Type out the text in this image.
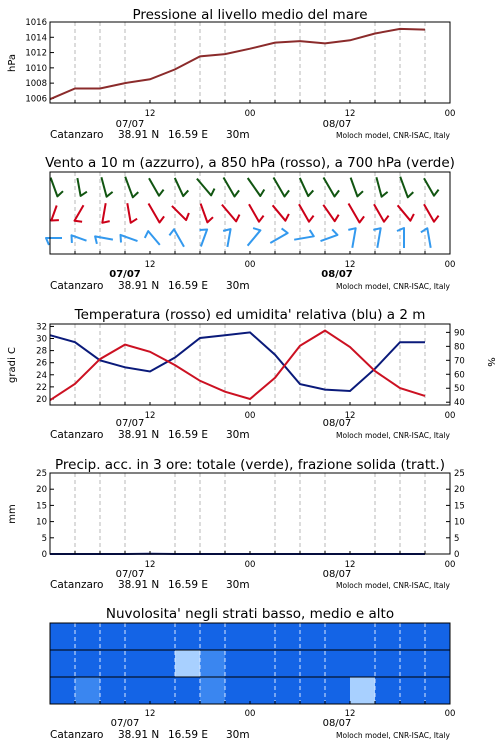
Pressione al livello medio del mare
hPa
1006
1008
1010
1012
1014
1016
12	00	12	00
07/07	08/07
Catanzaro 38.91 N 16.59 E 30m	Moloch model, CNR-ISAC, Italy
Vento a 10 m (azzurro), a 850 hPa (rosso), a 700 hPa (verde)
12	00	12	00
07/07	08/07
Catanzaro 38.91 N 16.59 E 30m	Moloch model, CNR-ISAC, Italy
Temperatura (rosso) ed umidita' relativa (blu) a 2 m
gradi C	%
20
22
24
26
28
30
32
40
50
60
70
80
90
12	00	12	00
07/07	08/07
Catanzaro 38.91 N 16.59 E 30m	Moloch model, CNR-ISAC, Italy
Precip. acc. in 3 ore: totale (verde), frazione solida (tratt.)
mm
0
5
10
15
20
25
0
5
10
15
20
25
12	00	12	00
07/07	08/07
Catanzaro 38.91 N 16.59 E 30m	Moloch model, CNR-ISAC, Italy
Nuvolosita' negli strati basso, medio e alto
12	00	12	00
07/07	08/07
Catanzaro 38.91 N 16.59 E 30m	Moloch model, CNR-ISAC, Italy
